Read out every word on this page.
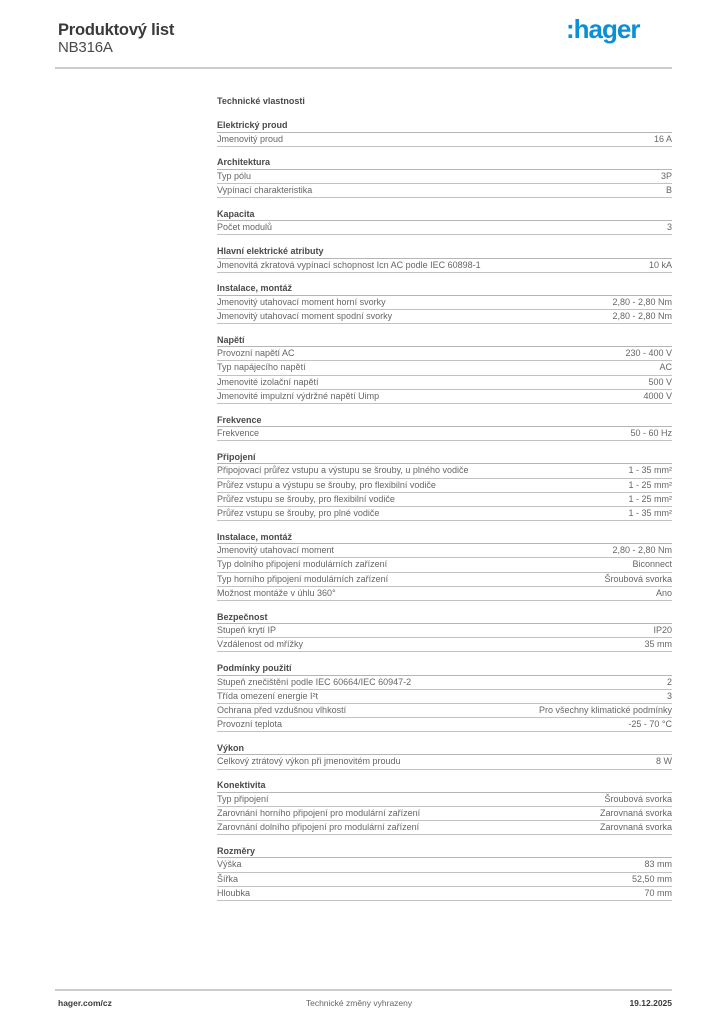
Produktový list
NB316A
:hager
Technické vlastnosti
Elektrický proud
Jmenovitý proud	16 A
Architektura
Typ pólu	3P
Vypínací charakteristika	B
Kapacita
Počet modulů	3
Hlavní elektrické atributy
Jmenovitá zkratová vypínací schopnost Icn AC podle IEC 60898-1	10 kA
Instalace, montáž
Jmenovitý utahovací moment horní svorky	2,80 - 2,80 Nm
Jmenovitý utahovací moment spodní svorky	2,80 - 2,80 Nm
Napětí
Provozní napětí AC	230 - 400 V
Typ napájecího napětí	AC
Jmenovité izolační napětí	500 V
Jmenovité impulzní výdržné napětí Uimp	4000 V
Frekvence
Frekvence	50 - 60 Hz
Připojení
Připojovací průřez vstupu a výstupu se šrouby, u plného vodiče	1 - 35 mm²
Průřez vstupu a výstupu se šrouby, pro flexibilní vodiče	1 - 25 mm²
Průřez vstupu se šrouby, pro flexibilní vodiče	1 - 25 mm²
Průřez vstupu se šrouby, pro plné vodiče	1 - 35 mm²
Instalace, montáž
Jmenovitý utahovací moment	2,80 - 2,80 Nm
Typ dolního připojení modulárních zařízení	Biconnect
Typ horního připojení modulárních zařízení	Šroubová svorka
Možnost montáže v úhlu 360°	Ano
Bezpečnost
Stupeň krytí IP	IP20
Vzdálenost od mřížky	35 mm
Podmínky použití
Stupeň znečištění podle IEC 60664/IEC 60947-2	2
Třída omezení energie I²t	3
Ochrana před vzdušnou vlhkostí	Pro všechny klimatické podmínky
Provozní teplota	-25 - 70 °C
Výkon
Celkový ztrátový výkon při jmenovitém proudu	8 W
Konektivita
Typ připojení	Šroubová svorka
Zarovnání horního připojení pro modulární zařízení	Zarovnaná svorka
Zarovnání dolního připojení pro modulární zařízení	Zarovnaná svorka
Rozměry
Výška	83 mm
Šířka	52,50 mm
Hloubka	70 mm
hager.com/cz	Technické změny vyhrazeny	19.12.2025
